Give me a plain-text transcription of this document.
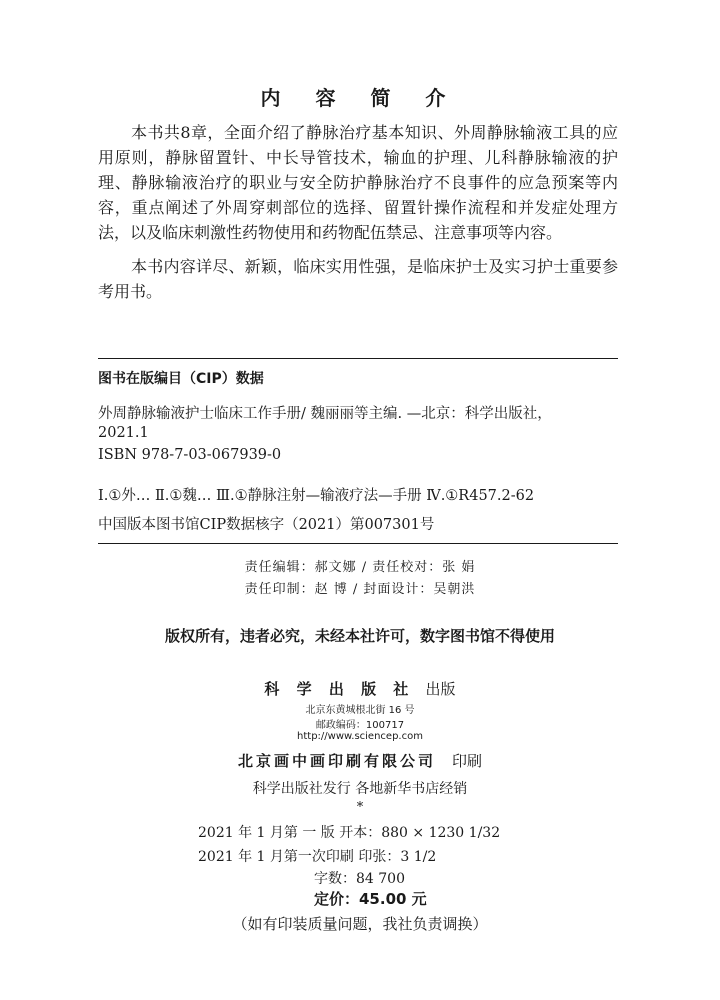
内 容 简 介

本书共8章，全面介绍了静脉治疗基本知识、外周静脉输液工具的应用原则，静脉留置针、中长导管技术，输血的护理、儿科静脉输液的护理、静脉输液治疗的职业与安全防护静脉治疗不良事件的应急预案等内容，重点阐述了外周穿刺部位的选择、留置针操作流程和并发症处理方法，以及临床刺激性药物使用和药物配伍禁忌、注意事项等内容。

本书内容详尽、新颖，临床实用性强，是临床护士及实习护士重要参考用书。

图书在版编目（CIP）数据
外周静脉输液护士临床工作手册/ 魏丽丽等主编. —北京：科学出版社，
2021.1
ISBN 978-7-03-067939-0
Ⅰ.①外… Ⅱ.①魏… Ⅲ.①静脉注射—输液疗法—手册 Ⅳ.①R457.2-62
中国版本图书馆CIP数据核字（2021）第007301号
责任编辑：郝文娜 / 责任校对：张 娟
责任印制：赵 博 / 封面设计：吴朝洪
版权所有，违者必究，未经本社许可，数字图书馆不得使用
科 学 出 版 社 出版
北京东黄城根北街 16 号
邮政编码：100717
http://www.sciencep.com
北京画中画印刷有限公司 印刷
科学出版社发行 各地新华书店经销
*
2021 年 1 月第 一 版 开本：880 × 1230 1/32
2021 年 1 月第一次印刷 印张：3 1/2
字数：84 700
定价：45.00 元
（如有印装质量问题，我社负责调换）
